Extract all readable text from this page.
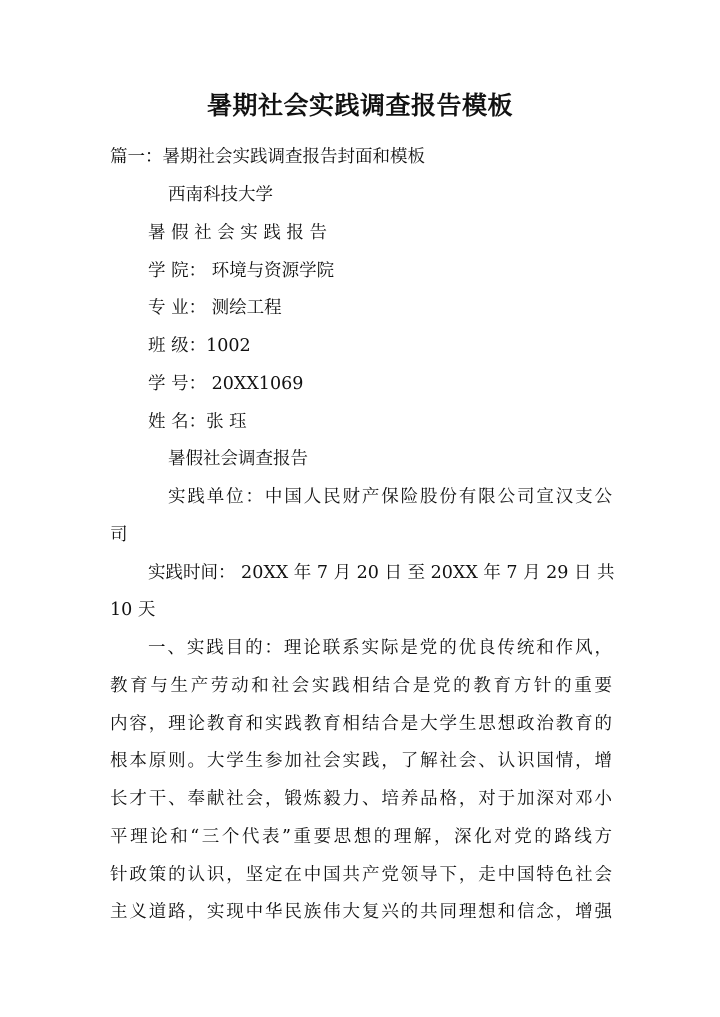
暑期社会实践调查报告模板
篇一：暑期社会实践调查报告封面和模板
西南科技大学
暑 假 社 会 实 践 报 告
学 院： 环境与资源学院
专 业： 测绘工程
班 级：1002
学 号： 20XX1069
姓 名：张 珏
暑假社会调查报告
实践单位：中国人民财产保险股份有限公司宣汉支公
司
实践时间： 20XX 年 7 月 20 日 至 20XX 年 7 月 29 日 共
10 天
一、实践目的：理论联系实际是党的优良传统和作风，
教育与生产劳动和社会实践相结合是党的教育方针的重要
内容，理论教育和实践教育相结合是大学生思想政治教育的
根本原则。大学生参加社会实践，了解社会、认识国情，增
长才干、奉献社会，锻炼毅力、培养品格，对于加深对邓小
平理论和“三个代表”重要思想的理解，深化对党的路线方
针政策的认识，坚定在中国共产党领导下，走中国特色社会
主义道路，实现中华民族伟大复兴的共同理想和信念，增强
